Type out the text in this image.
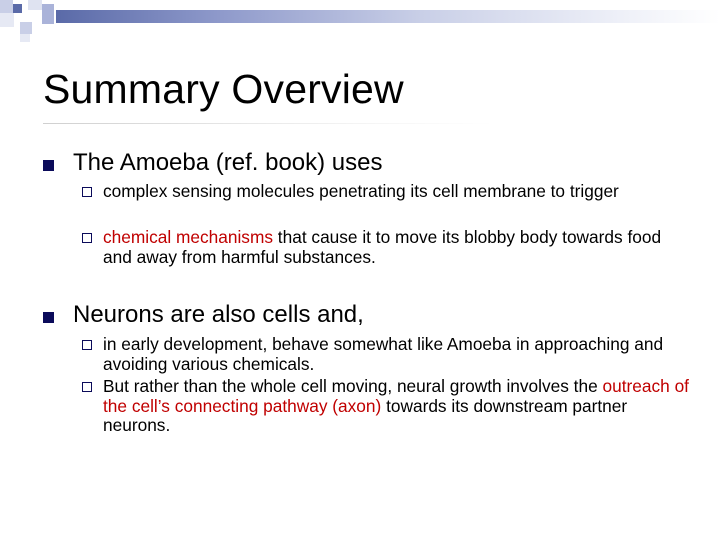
Summary Overview
The Amoeba (ref. book) uses
complex sensing molecules penetrating its cell membrane to trigger
chemical mechanisms that cause it to move its blobby body towards food and away from harmful substances.
Neurons are also cells and,
in early development, behave somewhat like Amoeba in approaching and avoiding various chemicals.
But rather than the whole cell moving, neural growth involves the outreach of the cell’s connecting pathway (axon) towards its downstream partner neurons.
